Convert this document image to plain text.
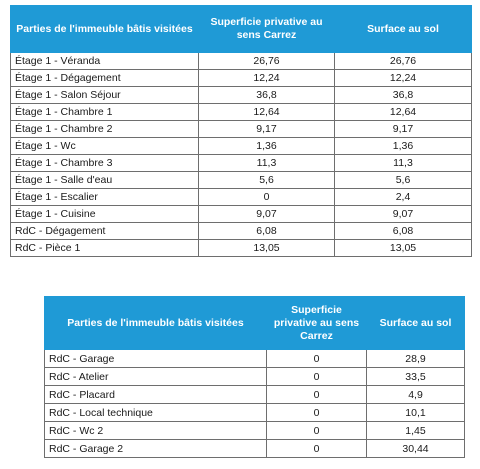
Parties de l'immeuble bâtis visitées	Superficie privative au sens Carrez	Surface au sol
Étage 1 - Véranda	26,76	26,76
Étage 1 - Dégagement	12,24	12,24
Étage 1 - Salon Séjour	36,8	36,8
Étage 1 - Chambre 1	12,64	12,64
Étage 1 - Chambre 2	9,17	9,17
Étage 1 - Wc	1,36	1,36
Étage 1 - Chambre 3	11,3	11,3
Étage 1 - Salle d'eau	5,6	5,6
Étage 1 - Escalier	0	2,4
Étage 1 - Cuisine	9,07	9,07
RdC - Dégagement	6,08	6,08
RdC - Pièce 1	13,05	13,05
Parties de l'immeuble bâtis visitées	Superficie privative au sens Carrez	Surface au sol
RdC - Garage	0	28,9
RdC - Atelier	0	33,5
RdC - Placard	0	4,9
RdC - Local technique	0	10,1
RdC - Wc 2	0	1,45
RdC - Garage 2	0	30,44
